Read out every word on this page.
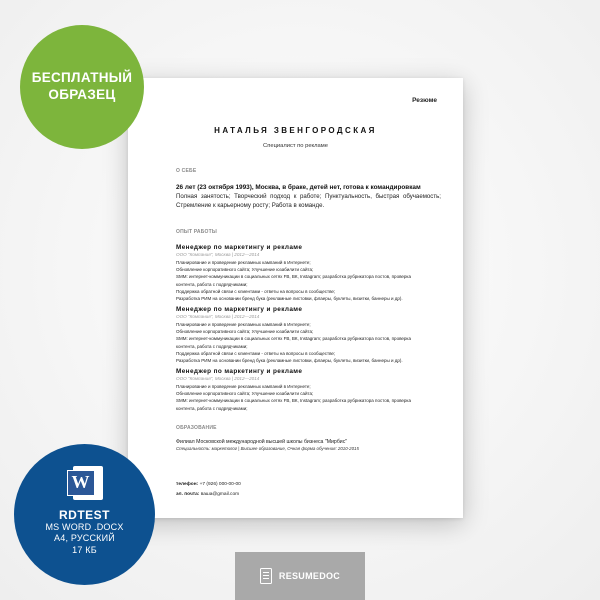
Резюме
НАТАЛЬЯ ЗВЕНГОРОДСКАЯ
Специалист по рекламе
О СЕБЕ
26 лет (23 октября 1993), Москва, в браке, детей нет, готова к командировкам
Полная занятость; Творческий подход к работе; Пунктуальность, быстрая обучаемость; Стремление к карьерному росту; Работа в команде.
ОПЫТ РАБОТЫ
Менеджер по маркетингу и рекламе
ООО "Компания", Москва | 2012—2014
Планирование и проведение рекламных кампаний в Интернете;
Обновление корпоративного сайта; Улучшение юзабилити сайта;
SMM: интернет-коммуникации в социальных сетях FB, ВК, Instagram; разработка рубрикатора постов, проверка
контента, работа с подрядчиками;
Поддержка обратной связи с клиентами - ответы на вопросы в сообществе;
Разработка РИМ на основании бренд бука (рекламные листовки, флаеры, буклеты, визитки, баннеры и др).
Менеджер по маркетингу и рекламе
ООО "Компания", Москва | 2012—2014
Планирование и проведение рекламных кампаний в Интернете;
Обновление корпоративного сайта; Улучшение юзабилити сайта;
SMM: интернет-коммуникации в социальных сетях FB, ВК, Instagram; разработка рубрикатора постов, проверка
контента, работа с подрядчиками;
Поддержка обратной связи с клиентами - ответы на вопросы в сообществе;
Разработка РИМ на основании бренд бука (рекламные листовки, флаеры, буклеты, визитки, баннеры и др).
Менеджер по маркетингу и рекламе
ООО "Компания", Москва | 2012—2014
Планирование и проведение рекламных кампаний в Интернете;
Обновление корпоративного сайта; Улучшение юзабилити сайта;
SMM: интернет-коммуникации в социальных сетях FB, ВК, Instagram; разработка рубрикатора постов, проверка
контента, работа с подрядчиками;
ОБРАЗОВАНИЕ
Филиал Московской международной высшей школы бизнеса "Мирбис"
Специальность: маркетолог | Высшее образование, Очная форма обучения: 2010-2015
телефон: +7 (926) 000-00-00
эл. почта: ваша@gmail.com
БЕСПЛАТНЫЙ
ОБРАЗЕЦ
W
RDTEST
MS WORD .DOCX
A4, РУССКИЙ
17 КБ
RESUMEDOC
